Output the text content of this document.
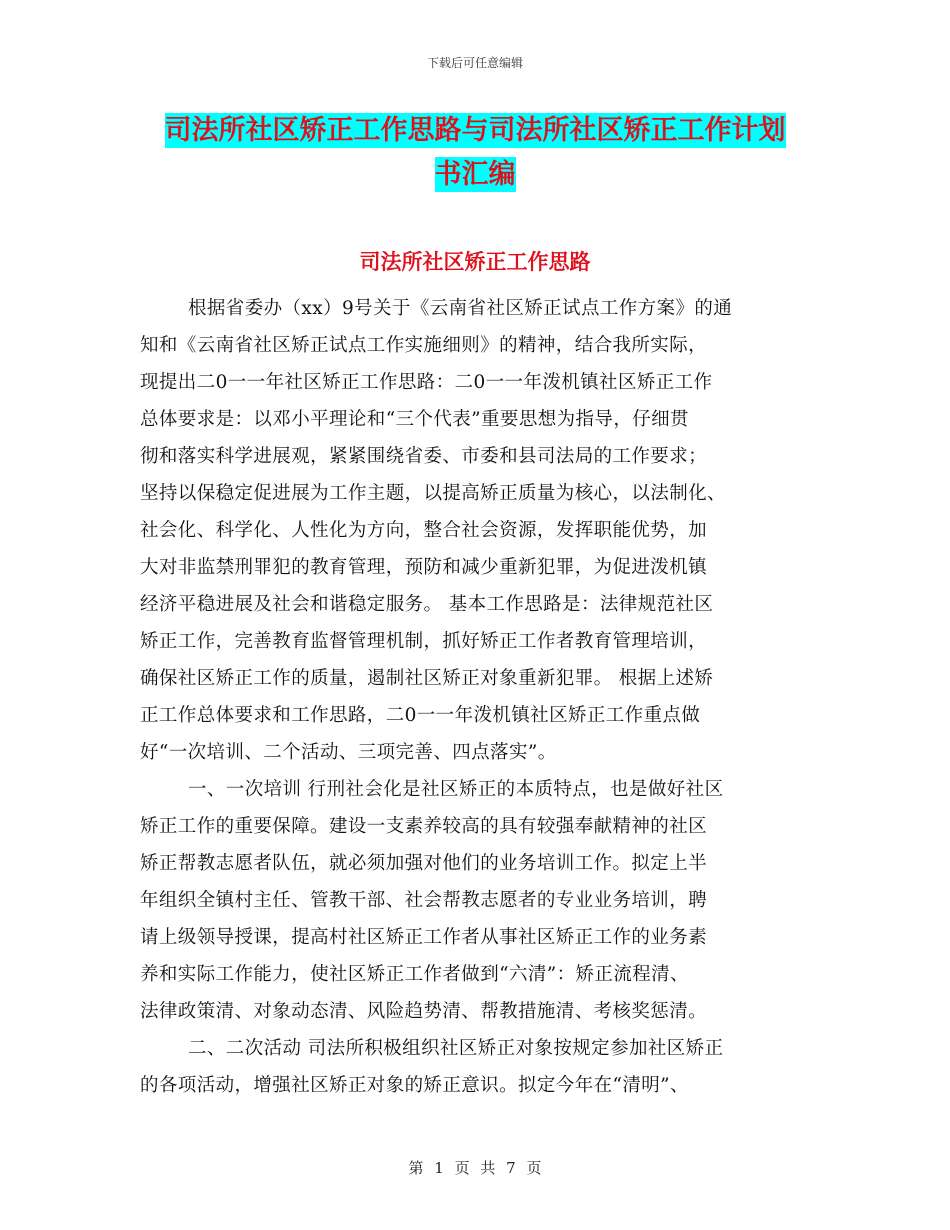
下载后可任意编辑
司法所社区矫正工作思路与司法所社区矫正工作计划
书汇编
司法所社区矫正工作思路
根据省委办（xx）9号关于《云南省社区矫正试点工作方案》的通
知和《云南省社区矫正试点工作实施细则》的精神，结合我所实际，
现提出二0一一年社区矫正工作思路：二0一一年泼机镇社区矫正工作
总体要求是：以邓小平理论和“三个代表”重要思想为指导，仔细贯
彻和落实科学进展观，紧紧围绕省委、市委和县司法局的工作要求；
坚持以保稳定促进展为工作主题，以提高矫正质量为核心，以法制化、
社会化、科学化、人性化为方向，整合社会资源，发挥职能优势，加
大对非监禁刑罪犯的教育管理，预防和减少重新犯罪，为促进泼机镇
经济平稳进展及社会和谐稳定服务。 基本工作思路是：法律规范社区
矫正工作，完善教育监督管理机制，抓好矫正工作者教育管理培训，
确保社区矫正工作的质量，遏制社区矫正对象重新犯罪。 根据上述矫
正工作总体要求和工作思路，二0一一年泼机镇社区矫正工作重点做
好“一次培训、二个活动、三项完善、四点落实”。
一、一次培训 行刑社会化是社区矫正的本质特点，也是做好社区
矫正工作的重要保障。建设一支素养较高的具有较强奉献精神的社区
矫正帮教志愿者队伍，就必须加强对他们的业务培训工作。拟定上半
年组织全镇村主任、管教干部、社会帮教志愿者的专业业务培训，聘
请上级领导授课，提高村社区矫正工作者从事社区矫正工作的业务素
养和实际工作能力，使社区矫正工作者做到“六清”：矫正流程清、
法律政策清、对象动态清、风险趋势清、帮教措施清、考核奖惩清。
二、二次活动 司法所积极组织社区矫正对象按规定参加社区矫正
的各项活动，增强社区矫正对象的矫正意识。拟定今年在“清明”、
第 1 页 共 7 页
